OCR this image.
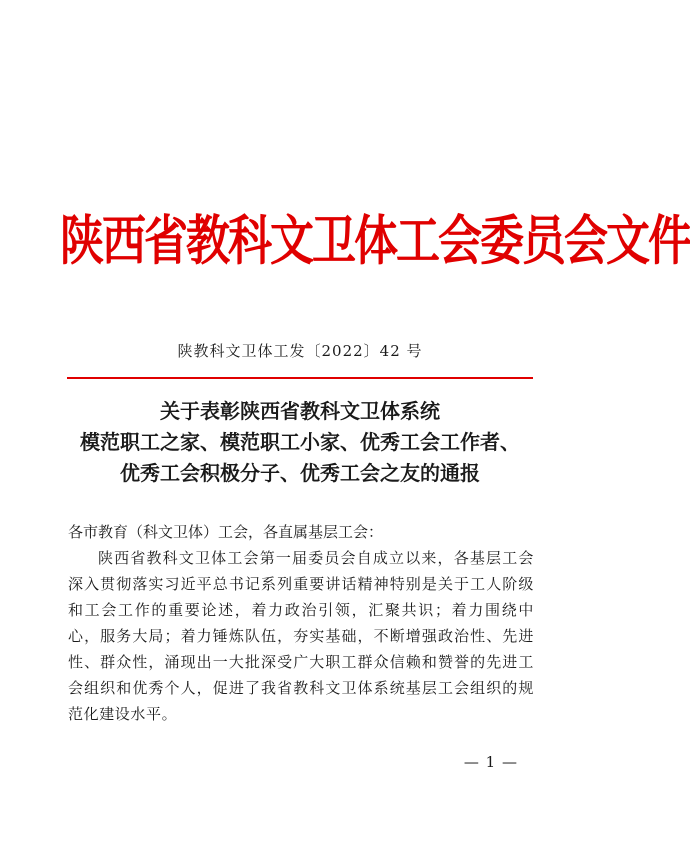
陕西省教科文卫体工会委员会文件
陕教科文卫体工发〔2022〕42 号
关于表彰陕西省教科文卫体系统
模范职工之家、模范职工小家、优秀工会工作者、
优秀工会积极分子、优秀工会之友的通报
各市教育（科文卫体）工会，各直属基层工会：
陕西省教科文卫体工会第一届委员会自成立以来，各基层工会深入贯彻落实习近平总书记系列重要讲话精神特别是关于工人阶级和工会工作的重要论述，着力政治引领，汇聚共识；着力围绕中心，服务大局；着力锤炼队伍，夯实基础，不断增强政治性、先进性、群众性，涌现出一大批深受广大职工群众信赖和赞誉的先进工会组织和优秀个人，促进了我省教科文卫体系统基层工会组织的规范化建设水平。
— 1 —
